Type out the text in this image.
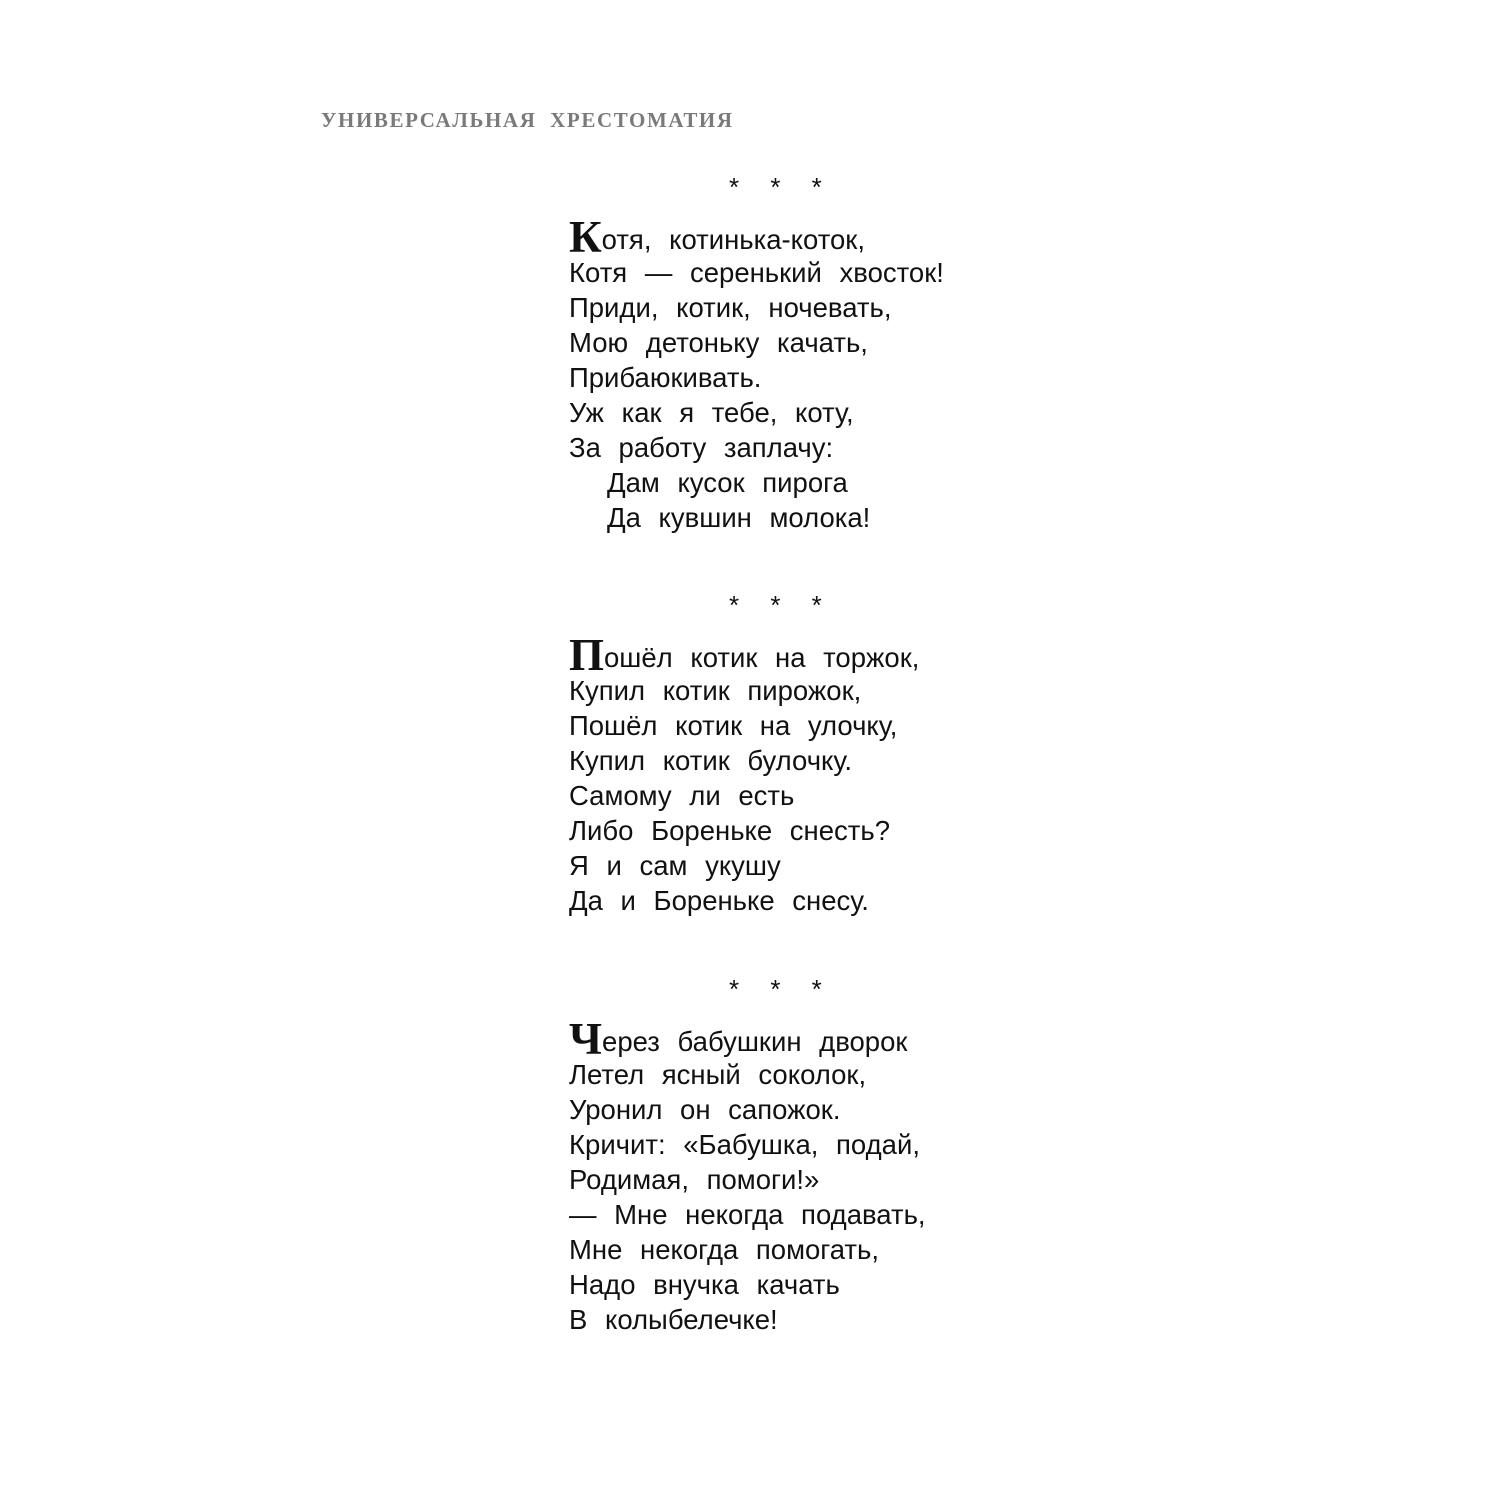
УНИВЕРСАЛЬНАЯ  ХРЕСТОМАТИЯ
* * *
Котя, котинька-коток,
Котя — серенький хвосток!
Приди, котик, ночевать,
Мою детоньку качать,
Прибаюкивать.
Уж как я тебе, коту,
За работу заплачу:
Дам кусок пирога
Да кувшин молока!
* * *
Пошёл котик на торжок,
Купил котик пирожок,
Пошёл котик на улочку,
Купил котик булочку.
Самому ли есть
Либо Бореньке снесть?
Я и сам укушу
Да и Бореньке снесу.
* * *
Через бабушкин дворок
Летел ясный соколок,
Уронил он сапожок.
Кричит: «Бабушка, подай,
Родимая, помоги!»
— Мне некогда подавать,
Мне некогда помогать,
Надо внучка качать
В колыбелечке!
